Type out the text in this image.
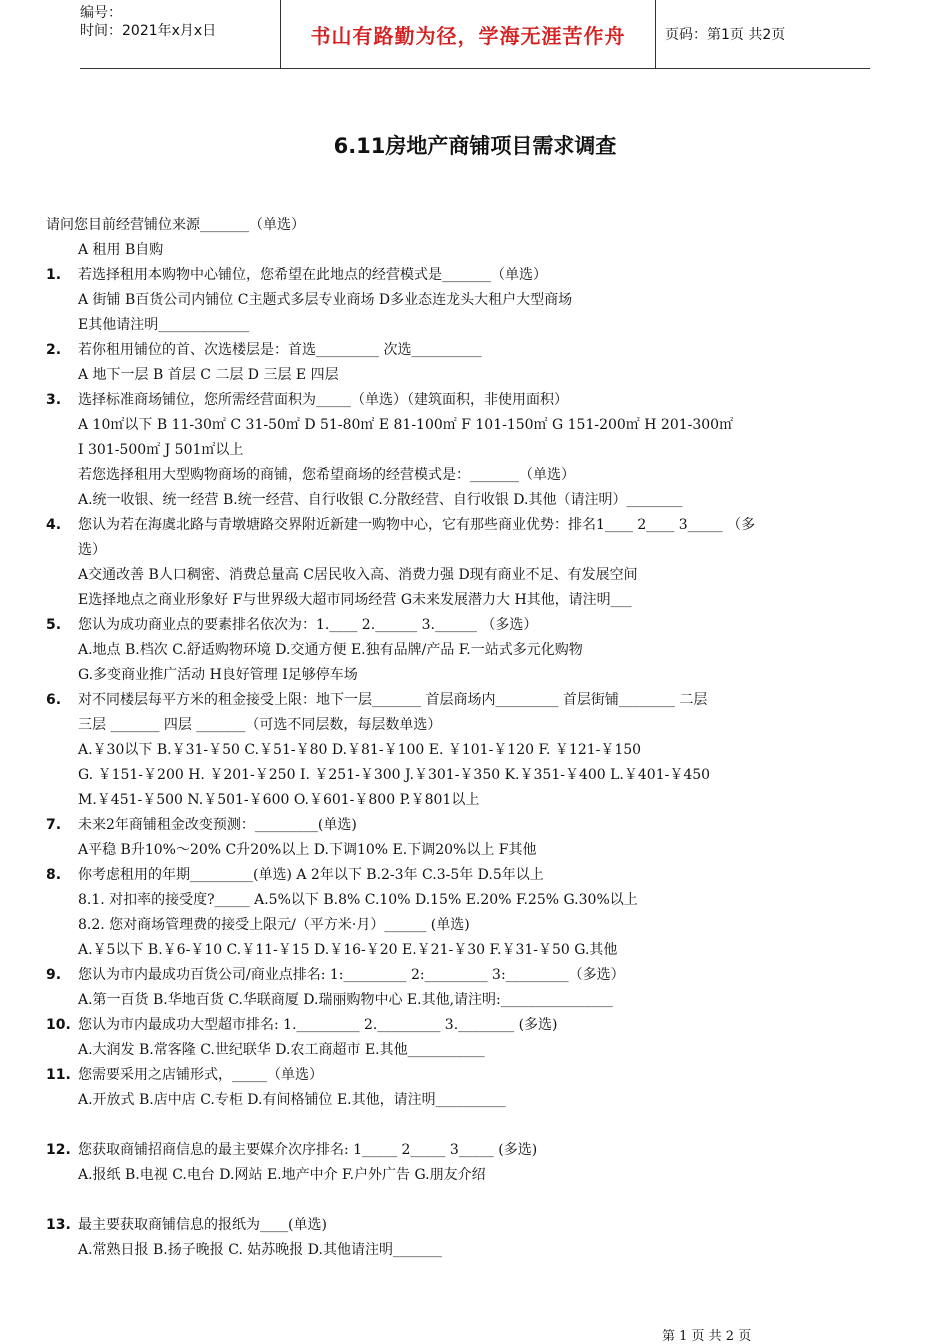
编号：
时间：2021年x月x日	书山有路勤为径，学海无涯苦作舟	页码：第1页 共2页
6.11房地产商铺项目需求调查
请问您目前经营铺位来源_______（单选）
A 租用 B自购
1. 若选择租用本购物中心铺位，您希望在此地点的经营模式是_______（单选）
A 街铺 B百货公司内铺位 C主题式多层专业商场 D多业态连龙头大租户大型商场
E其他请注明_____________
2. 若你租用铺位的首、次选楼层是：首选_________ 次选__________
A 地下一层 B 首层 C 二层 D 三层 E 四层
3. 选择标准商场铺位，您所需经营面积为_____（单选）（建筑面积，非使用面积）
A 10㎡以下 B 11-30㎡ C 31-50㎡ D 51-80㎡ E 81-100㎡ F 101-150㎡ G 151-200㎡ H 201-300㎡
I 301-500㎡ J 501㎡以上
若您选择租用大型购物商场的商铺，您希望商场的经营模式是：_______（单选）
A.统一收银、统一经营 B.统一经营、自行收银 C.分散经营、自行收银 D.其他（请注明）________
4. 您认为若在海虞北路与青墩塘路交界附近新建一购物中心，它有那些商业优势：排名1____ 2____ 3_____ （多
选）
A交通改善 B人口稠密、消费总量高 C居民收入高、消费力强 D现有商业不足、有发展空间
E选择地点之商业形象好 F与世界级大超市同场经营 G未来发展潜力大 H其他，请注明___
5. 您认为成功商业点的要素排名依次为：1.____ 2.______ 3.______ （多选）
A.地点 B.档次 C.舒适购物环境 D.交通方便 E.独有品牌/产品 F.一站式多元化购物
G.多变商业推广活动 H良好管理 I足够停车场
6. 对不同楼层每平方米的租金接受上限：地下一层_______ 首层商场内_________ 首层街铺________ 二层
三层 _______ 四层 _______（可选不同层数，每层数单选）
A.￥30以下 B.￥31-￥50 C.￥51-￥80 D.￥81-￥100 E. ￥101-￥120 F. ￥121-￥150
G. ￥151-￥200 H. ￥201-￥250 I. ￥251-￥300 J.￥301-￥350 K.￥351-￥400 L.￥401-￥450
M.￥451-￥500 N.￥501-￥600 O.￥601-￥800 P.￥801以上
7. 未来2年商铺租金改变预测：_________(单选)
A平稳 B升10%～20% C升20%以上 D.下调10% E.下调20%以上 F其他
8. 你考虑租用的年期_________(单选) A 2年以下 B.2-3年 C.3-5年 D.5年以上
8.1. 对扣率的接受度?_____ A.5%以下 B.8% C.10% D.15% E.20% F.25% G.30%以上
8.2. 您对商场管理费的接受上限元/（平方米·月）______ (单选)
A.￥5以下 B.￥6-￥10 C.￥11-￥15 D.￥16-￥20 E.￥21-￥30 F.￥31-￥50 G.其他
9. 您认为市内最成功百货公司/商业点排名: 1:_________ 2:_________ 3:_________（多选）
A.第一百货 B.华地百货 C.华联商厦 D.瑞丽购物中心 E.其他,请注明:________________
10. 您认为市内最成功大型超市排名: 1._________ 2._________ 3.________ (多选)
A.大润发 B.常客隆 C.世纪联华 D.农工商超市 E.其他___________
11. 您需要采用之店铺形式，_____（单选）
A.开放式 B.店中店 C.专柜 D.有间格铺位 E.其他，请注明__________
12. 您获取商铺招商信息的最主要媒介次序排名: 1_____ 2_____ 3_____ (多选)
A.报纸 B.电视 C.电台 D.网站 E.地产中介 F.户外广告 G.朋友介绍
13. 最主要获取商铺信息的报纸为____(单选)
A.常熟日报 B.扬子晚报 C. 姑苏晚报 D.其他请注明_______
第 1 页 共 2 页
